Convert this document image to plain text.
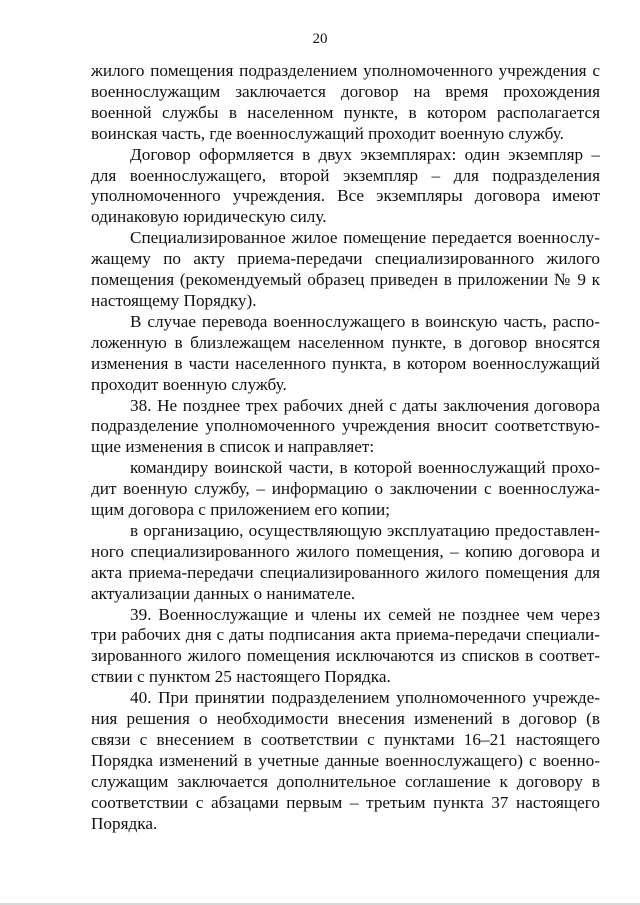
20

жилого помещения подразделением уполномоченного учреждения с военнослужащим заключается договор на время прохождения военной службы в населенном пункте, в котором располагается воинская часть, где военнослужащий проходит военную службу.

Договор оформляется в двух экземплярах: один экземпляр – для военнослужащего, второй экземпляр – для подразделения уполномоченного учреждения. Все экземпляры договора имеют одинаковую юридическую силу.

Специализированное жилое помещение передается военнослужащему по акту приема-передачи специализированного жилого помещения (рекомендуемый образец приведен в приложении № 9 к настоящему Порядку).

В случае перевода военнослужащего в воинскую часть, расположенную в близлежащем населенном пункте, в договор вносятся изменения в части населенного пункта, в котором военнослужащий проходит военную службу.

38. Не позднее трех рабочих дней с даты заключения договора подразделение уполномоченного учреждения вносит соответствующие изменения в список и направляет:

командиру воинской части, в которой военнослужащий проходит военную службу, – информацию о заключении с военнослужащим договора с приложением его копии;

в организацию, осуществляющую эксплуатацию предоставленного специализированного жилого помещения, – копию договора и акта приема-передачи специализированного жилого помещения для актуализации данных о нанимателе.

39. Военнослужащие и члены их семей не позднее чем через три рабочих дня с даты подписания акта приема-передачи специализированного жилого помещения исключаются из списков в соответствии с пунктом 25 настоящего Порядка.

40. При принятии подразделением уполномоченного учреждения решения о необходимости внесения изменений в договор (в связи с внесением в соответствии с пунктами 16–21 настоящего Порядка изменений в учетные данные военнослужащего) с военнослужащим заключается дополнительное соглашение к договору в соответствии с абзацами первым – третьим пункта 37 настоящего Порядка.
